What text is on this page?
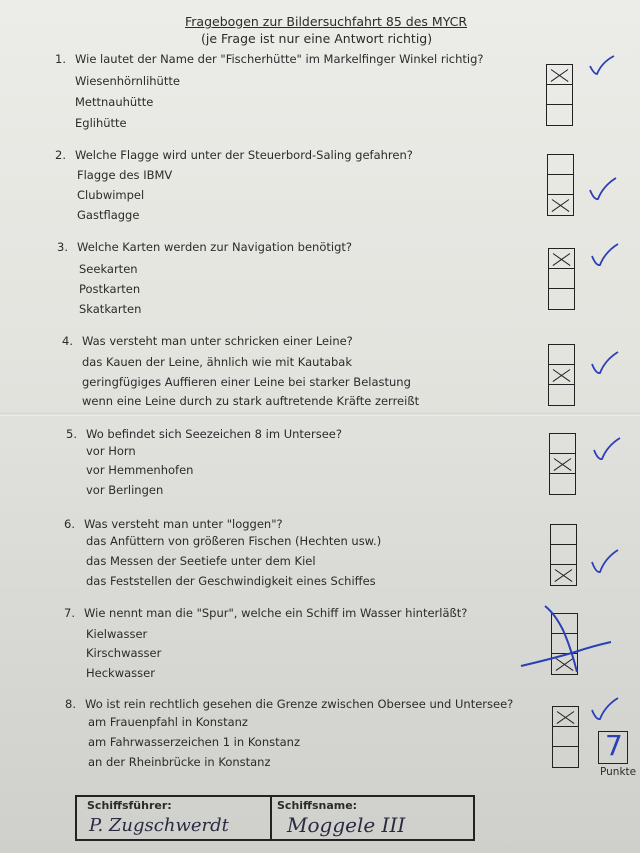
Fragebogen zur Bildersuchfahrt 85 des MYCR
(je Frage ist nur eine Antwort richtig)
1. Wie lautet der Name der "Fischerhütte" im Markelfinger Winkel richtig?
Wiesenhörnlihütte
Mettnauhütte
Eglihütte
2. Welche Flagge wird unter der Steuerbord-Saling gefahren?
Flagge des IBMV
Clubwimpel
Gastflagge
3. Welche Karten werden zur Navigation benötigt?
Seekarten
Postkarten
Skatkarten
4. Was versteht man unter schricken einer Leine?
das Kauen der Leine, ähnlich wie mit Kautabak
geringfügiges Auffieren einer Leine bei starker Belastung
wenn eine Leine durch zu stark auftretende Kräfte zerreißt
5. Wo befindet sich Seezeichen 8 im Untersee?
vor Horn
vor Hemmenhofen
vor Berlingen
6. Was versteht man unter "loggen"?
das Anfüttern von größeren Fischen (Hechten usw.)
das Messen der Seetiefe unter dem Kiel
das Feststellen der Geschwindigkeit eines Schiffes
7. Wie nennt man die "Spur", welche ein Schiff im Wasser hinterläßt?
Kielwasser
Kirschwasser
Heckwasser
8. Wo ist rein rechtlich gesehen die Grenze zwischen Obersee und Untersee?
am Frauenpfahl in Konstanz
am Fahrwasserzeichen 1 in Konstanz
an der Rheinbrücke in Konstanz	7
Punkte
Schiffsführer:	Schiffsname:
P. Zugschwerdt	Moggele III
